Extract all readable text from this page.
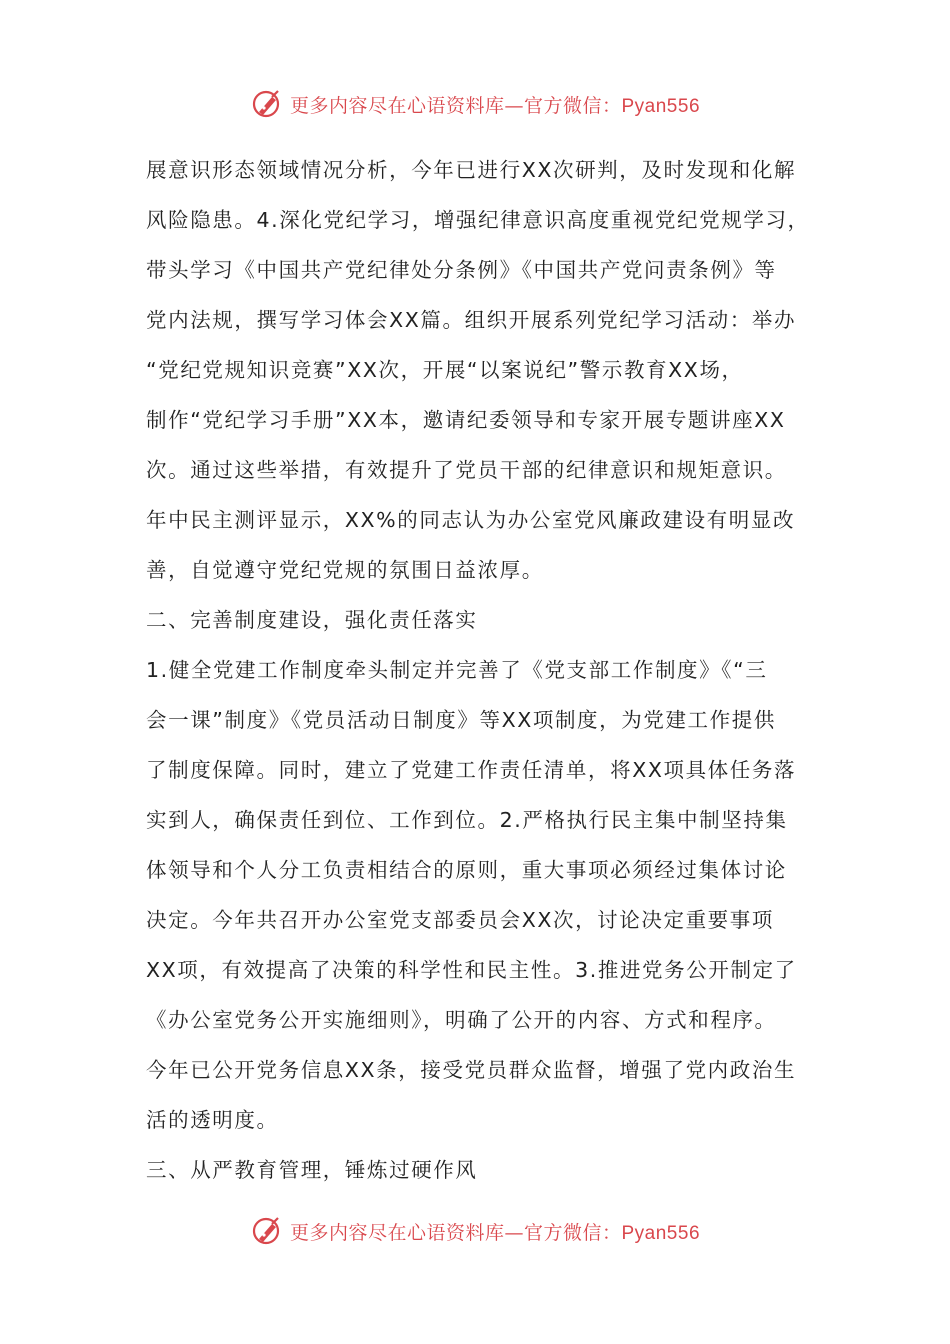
更多内容尽在心语资料库—官方微信：Pyan556
展意识形态领域情况分析，今年已进行XX次研判，及时发现和化解
风险隐患。4.深化党纪学习，增强纪律意识高度重视党纪党规学习，
带头学习《中国共产党纪律处分条例》《中国共产党问责条例》等
党内法规，撰写学习体会XX篇。组织开展系列党纪学习活动：举办
“党纪党规知识竞赛”XX次，开展“以案说纪”警示教育XX场，
制作“党纪学习手册”XX本，邀请纪委领导和专家开展专题讲座XX
次。通过这些举措，有效提升了党员干部的纪律意识和规矩意识。
年中民主测评显示，XX%的同志认为办公室党风廉政建设有明显改
善，自觉遵守党纪党规的氛围日益浓厚。
二、完善制度建设，强化责任落实
1.健全党建工作制度牵头制定并完善了《党支部工作制度》《“三
会一课”制度》《党员活动日制度》等XX项制度，为党建工作提供
了制度保障。同时，建立了党建工作责任清单，将XX项具体任务落
实到人，确保责任到位、工作到位。2.严格执行民主集中制坚持集
体领导和个人分工负责相结合的原则，重大事项必须经过集体讨论
决定。今年共召开办公室党支部委员会XX次，讨论决定重要事项
XX项，有效提高了决策的科学性和民主性。3.推进党务公开制定了
《办公室党务公开实施细则》，明确了公开的内容、方式和程序。
今年已公开党务信息XX条，接受党员群众监督，增强了党内政治生
活的透明度。
三、从严教育管理，锤炼过硬作风
更多内容尽在心语资料库—官方微信：Pyan556
